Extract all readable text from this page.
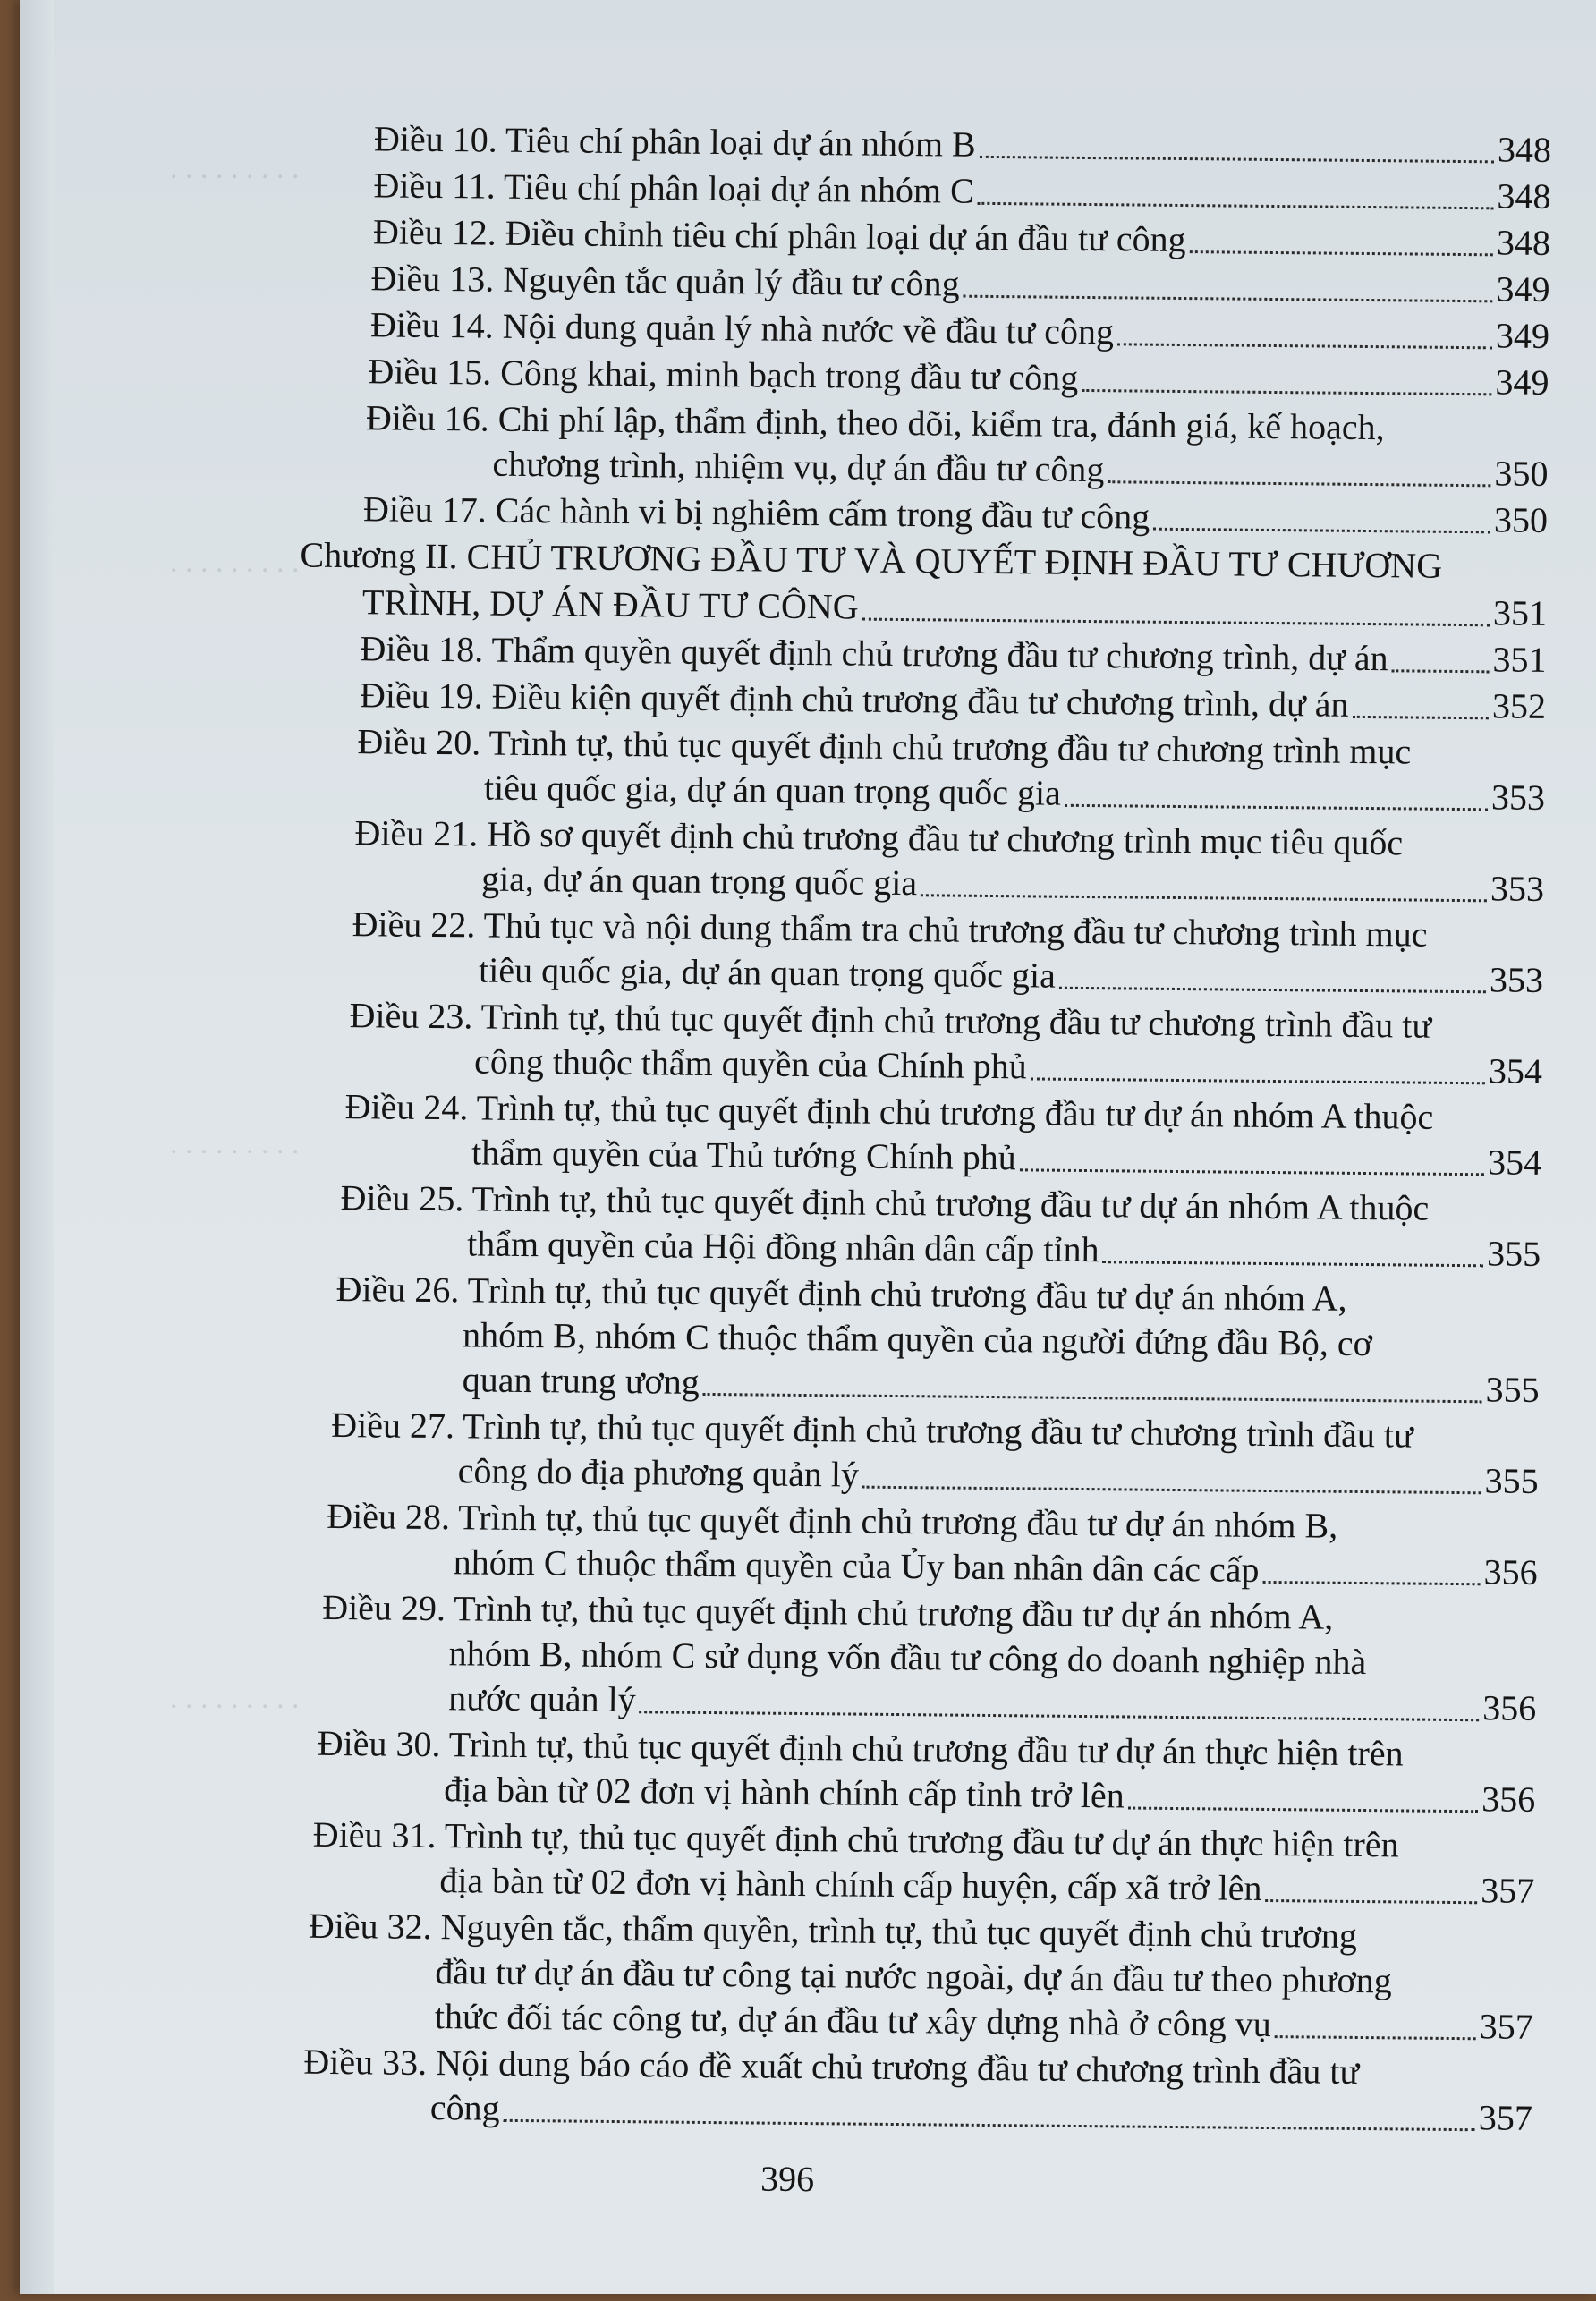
. . . . . . . . .
. . . . . . . . .
. . . . . . . . .
. . . . . . . . .
Điều 10. Tiêu chí phân loại dự án nhóm B	348
Điều 11. Tiêu chí phân loại dự án nhóm C	348
Điều 12. Điều chỉnh tiêu chí phân loại dự án đầu tư công	348
Điều 13. Nguyên tắc quản lý đầu tư công	349
Điều 14. Nội dung quản lý nhà nước về đầu tư công	349
Điều 15. Công khai, minh bạch trong đầu tư công	349
Điều 16. Chi phí lập, thẩm định, theo dõi, kiểm tra, đánh giá, kế hoạch,
chương trình, nhiệm vụ, dự án đầu tư công	350
Điều 17. Các hành vi bị nghiêm cấm trong đầu tư công	350
Chương II. CHỦ TRƯƠNG ĐẦU TƯ VÀ QUYẾT ĐỊNH ĐẦU TƯ CHƯƠNG
TRÌNH, DỰ ÁN ĐẦU TƯ CÔNG	351
Điều 18. Thẩm quyền quyết định chủ trương đầu tư chương trình, dự án	351
Điều 19. Điều kiện quyết định chủ trương đầu tư chương trình, dự án	352
Điều 20. Trình tự, thủ tục quyết định chủ trương đầu tư chương trình mục
tiêu quốc gia, dự án quan trọng quốc gia	353
Điều 21. Hồ sơ quyết định chủ trương đầu tư chương trình mục tiêu quốc
gia, dự án quan trọng quốc gia	353
Điều 22. Thủ tục và nội dung thẩm tra chủ trương đầu tư chương trình mục
tiêu quốc gia, dự án quan trọng quốc gia	353
Điều 23. Trình tự, thủ tục quyết định chủ trương đầu tư chương trình đầu tư
công thuộc thẩm quyền của Chính phủ	354
Điều 24. Trình tự, thủ tục quyết định chủ trương đầu tư dự án nhóm A thuộc
thẩm quyền của Thủ tướng Chính phủ	354
Điều 25. Trình tự, thủ tục quyết định chủ trương đầu tư dự án nhóm A thuộc
thẩm quyền của Hội đồng nhân dân cấp tỉnh	355
Điều 26. Trình tự, thủ tục quyết định chủ trương đầu tư dự án nhóm A,
nhóm B, nhóm C thuộc thẩm quyền của người đứng đầu Bộ, cơ
quan trung ương	355
Điều 27. Trình tự, thủ tục quyết định chủ trương đầu tư chương trình đầu tư
công do địa phương quản lý	355
Điều 28. Trình tự, thủ tục quyết định chủ trương đầu tư dự án nhóm B,
nhóm C thuộc thẩm quyền của Ủy ban nhân dân các cấp	356
Điều 29. Trình tự, thủ tục quyết định chủ trương đầu tư dự án nhóm A,
nhóm B, nhóm C sử dụng vốn đầu tư công do doanh nghiệp nhà
nước quản lý	356
Điều 30. Trình tự, thủ tục quyết định chủ trương đầu tư dự án thực hiện trên
địa bàn từ 02 đơn vị hành chính cấp tỉnh trở lên	356
Điều 31. Trình tự, thủ tục quyết định chủ trương đầu tư dự án thực hiện trên
địa bàn từ 02 đơn vị hành chính cấp huyện, cấp xã trở lên	357
Điều 32. Nguyên tắc, thẩm quyền, trình tự, thủ tục quyết định chủ trương
đầu tư dự án đầu tư công tại nước ngoài, dự án đầu tư theo phương
thức đối tác công tư, dự án đầu tư xây dựng nhà ở công vụ	357
Điều 33. Nội dung báo cáo đề xuất chủ trương đầu tư chương trình đầu tư
công	357
396
